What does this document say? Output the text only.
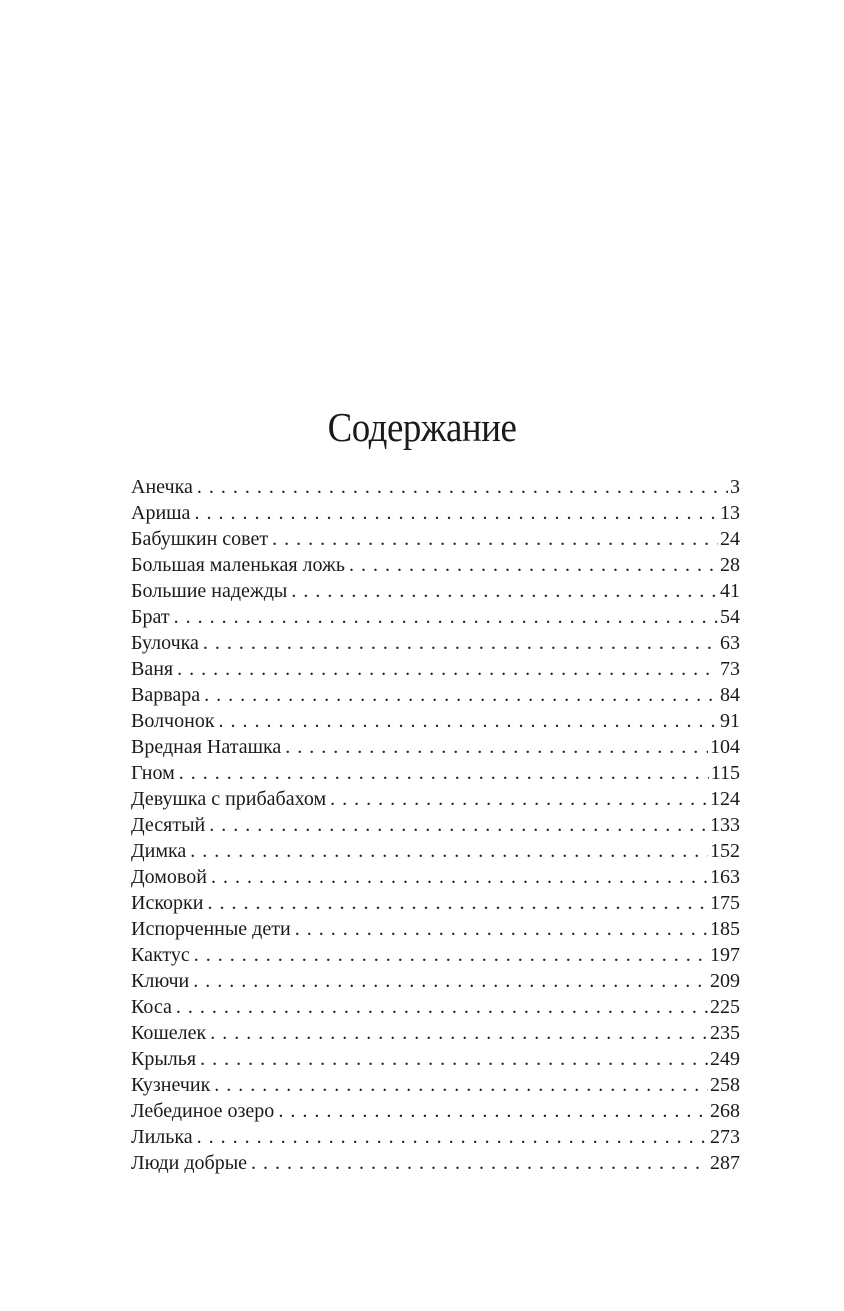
Содержание
Анечка . . .	3
Ариша . . .	13
Бабушкин совет . . .	24
Большая маленькая ложь . . .	28
Большие надежды . . .	41
Брат . . .	54
Булочка . . .	63
Ваня . . .	73
Варвара . . .	84
Волчонок . . .	91
Вредная Наташка . . .	104
Гном . . .	115
Девушка с прибабахом . . .	124
Десятый . . .	133
Димка . . .	152
Домовой . . .	163
Искорки . . .	175
Испорченные дети . . .	185
Кактус . . .	197
Ключи . . .	209
Коса . . .	225
Кошелек . . .	235
Крылья . . .	249
Кузнечик . . .	258
Лебединое озеро . . .	268
Лилька . . .	273
Люди добрые . . .	287
